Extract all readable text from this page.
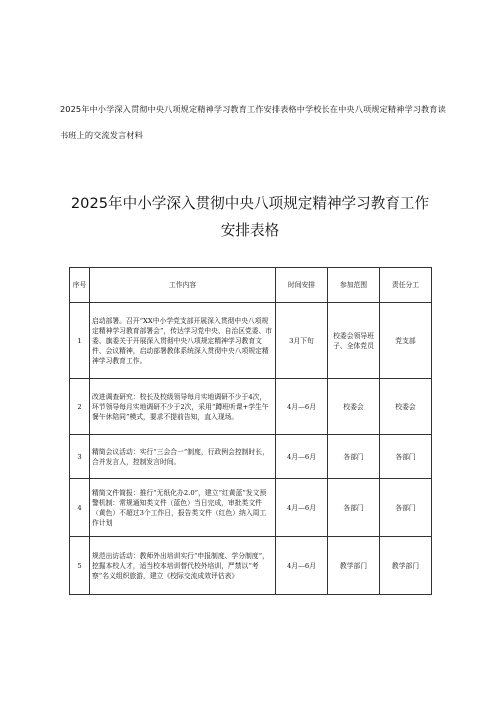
2025年中小学深入贯彻中央八项规定精神学习教育工作安排表格中学校长在中央八项规定精神学习教育读书班上的交流发言材料
2025年中小学深入贯彻中央八项规定精神学习教育工作
安排表格
序号	工作内容	时间安排	参加范围	责任分工
1	启动部署。召开“XX中小学党支部开展深入贯彻中央八项规定精神学习教育部署会”，传达学习党中央、自治区党委、市委、旗委关于开展深入贯彻中央八项规定精神学习教育文件、会议精神，启动部署教体系统深入贯彻中央八项规定精神学习教育工作。	3月下旬	校委会领导班子、全体党员	党支部
2	改进调查研究：校长及校级领导每月实地调研不少于4次，环节领导每月实地调研不少于2次，采用“蹲班听课+学生午餐午休陪同”模式，要求不提前告知，直入现场。	4月—6月	校委会	校委会
3	精简会议活动：实行“三会合一”制度，行政例会控制时长，合并发言人，控制发言时间。	4月—6月	各部门	各部门
4	精简文件简报：推行“无纸化办2.0”，建立“红黄蓝”发文预警机制：常规通知类文件（蓝色）当日完成，审批类文件（黄色）不超过3个工作日，报告类文件（红色）纳入周工作计划	4月—6月	各部门	各部门
5	规范出访活动：教师外出培训实行“申报制度、学分制度”，挖掘本校人才，适当校本培训替代校外培训，严禁以“考察”名义组织旅游，建立《校际交流成效评估表》	4月—6月	教学部门	教学部门
